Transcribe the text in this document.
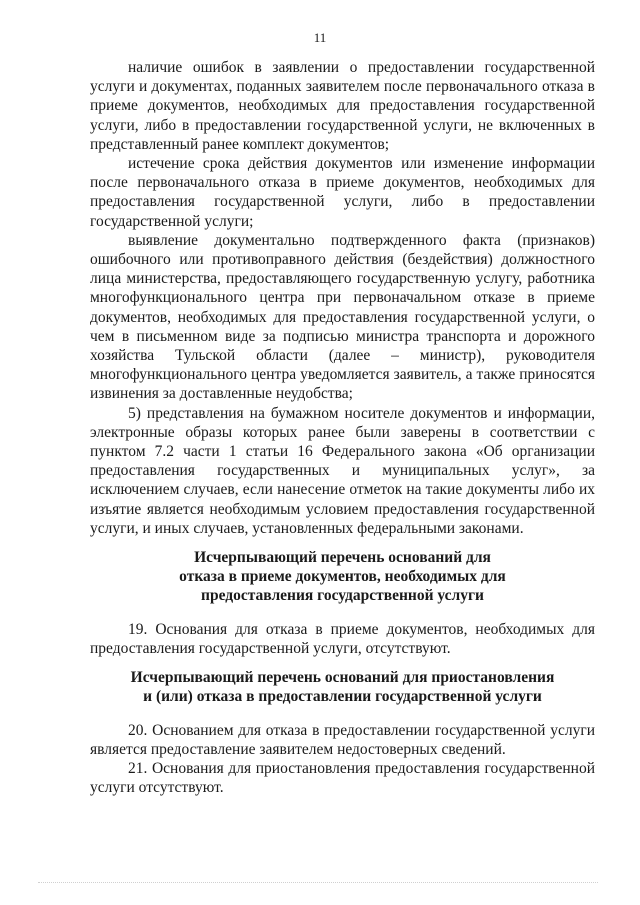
11

наличие ошибок в заявлении о предоставлении государственной услуги и документах, поданных заявителем после первоначального отказа в приеме документов, необходимых для предоставления государственной услуги, либо в предоставлении государственной услуги, не включенных в представленный ранее комплект документов;

истечение срока действия документов или изменение информации после первоначального отказа в приеме документов, необходимых для предоставления государственной услуги, либо в предоставлении государственной услуги;

выявление документально подтвержденного факта (признаков) ошибочного или противоправного действия (бездействия) должностного лица министерства, предоставляющего государственную услугу, работника многофункционального центра при первоначальном отказе в приеме документов, необходимых для предоставления государственной услуги, о чем в письменном виде за подписью министра транспорта и дорожного хозяйства Тульской области (далее – министр), руководителя многофункционального центра уведомляется заявитель, а также приносятся извинения за доставленные неудобства;

5) представления на бумажном носителе документов и информации, электронные образы которых ранее были заверены в соответствии с пунктом 7.2 части 1 статьи 16 Федерального закона «Об организации предоставления государственных и муниципальных услуг», за исключением случаев, если нанесение отметок на такие документы либо их изъятие является необходимым условием предоставления государственной услуги, и иных случаев, установленных федеральными законами.

Исчерпывающий перечень оснований для
отказа в приеме документов, необходимых для
предоставления государственной услуги

19. Основания для отказа в приеме документов, необходимых для предоставления государственной услуги, отсутствуют.

Исчерпывающий перечень оснований для приостановления
и (или) отказа в предоставлении государственной услуги

20. Основанием для отказа в предоставлении государственной услуги является предоставление заявителем недостоверных сведений.

21. Основания для приостановления предоставления государственной услуги отсутствуют.
